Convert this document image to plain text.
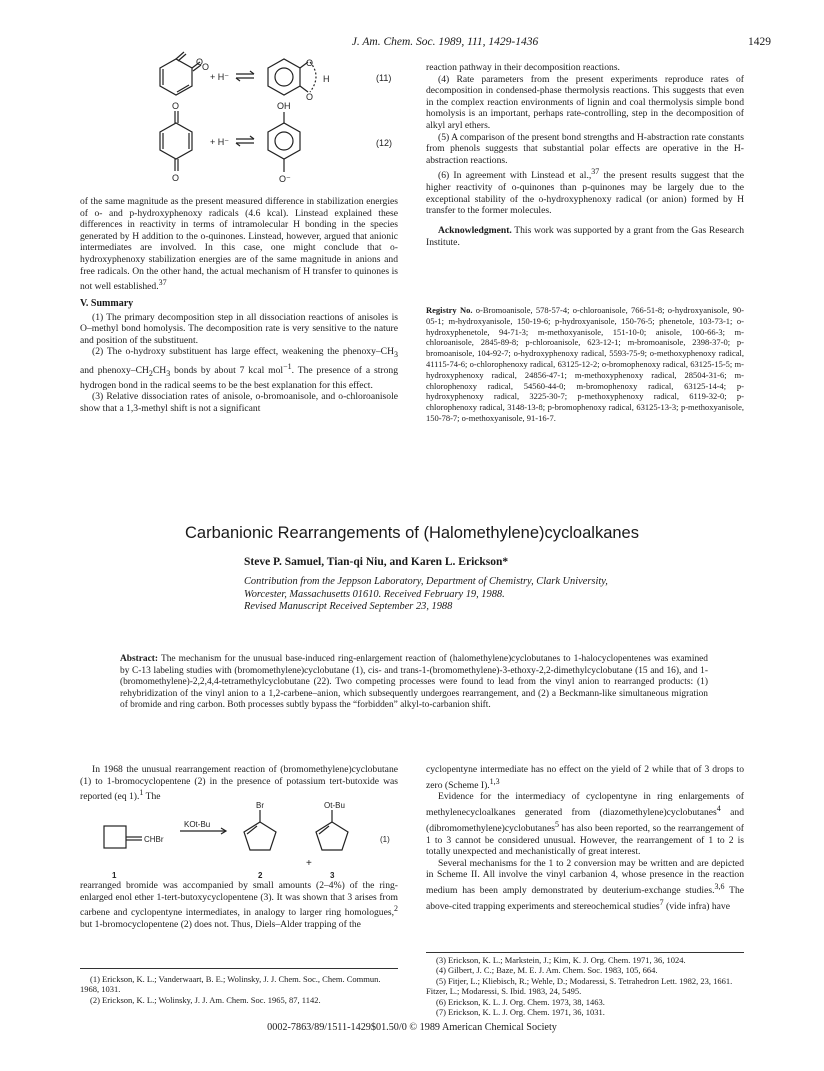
J. Am. Chem. Soc. 1989, 111, 1429-1436	1429
O
O
+ H⁻
O
O
H	(11)
O
O
+ H⁻
OH
O⁻
(12)

of the same magnitude as the present measured difference in stabilization energies of o- and p-hydroxyphenoxy radicals (4.6 kcal). Linstead explained these differences in reactivity in terms of intramolecular H bonding in the species generated by H addition to the o-quinones. Linstead, however, argued that anionic intermediates are involved. In this case, one might conclude that o-hydroxyphenoxy stabilization energies are of the same magnitude in anions and free radicals. On the other hand, the actual mechanism of H transfer to quinones is not well established.$^{37}$

V. Summary

(1) The primary decomposition step in all dissociation reactions of anisoles is O–methyl bond homolysis. The decomposition rate is very sensitive to the nature and position of the substituent.

(2) The o-hydroxy substituent has large effect, weakening the phenoxy–$CH_3$ and phenoxy–$CH_2CH_3$ bonds by about 7 kcal mol$^{-1}$. The presence of a strong hydrogen bond in the radical seems to be the best explanation for this effect.

(3) Relative dissociation rates of anisole, o-bromoanisole, and o-chloroanisole show that a 1,3-methyl shift is not a significant

reaction pathway in their decomposition reactions.

(4) Rate parameters from the present experiments reproduce rates of decomposition in condensed-phase thermolysis reactions. This suggests that even in the complex reaction environments of lignin and coal thermolysis simple bond homolysis is an important, perhaps rate-controlling, step in the decomposition of alkyl aryl ethers.

(5) A comparison of the present bond strengths and H-abstraction rate constants from phenols suggests that substantial polar effects are operative in the H-abstraction reactions.

(6) In agreement with Linstead et al.,$^{37}$ the present results suggest that the higher reactivity of o-quinones than p-quinones may be largely due to the exceptional stability of the o-hydroxyphenoxy radical (or anion) formed by H transfer to the former molecules.

Acknowledgment. This work was supported by a grant from the Gas Research Institute.

Registry No. o-Bromoanisole, 578-57-4; o-chloroanisole, 766-51-8; o-hydroxyanisole, 90-05-1; m-hydroxyanisole, 150-19-6; p-hydroxyanisole, 150-76-5; phenetole, 103-73-1; o-hydroxyphenetole, 94-71-3; m-methoxyanisole, 151-10-0; anisole, 100-66-3; m-chloroanisole, 2845-89-8; p-chloroanisole, 623-12-1; m-bromoanisole, 2398-37-0; p-bromoanisole, 104-92-7; o-hydroxyphenoxy radical, 5593-75-9; o-methoxyphenoxy radical, 41115-74-6; o-chlorophenoxy radical, 63125-12-2; o-bromophenoxy radical, 63125-15-5; m-hydroxyphenoxy radical, 24856-47-1; m-methoxyphenoxy radical, 28504-31-6; m-chlorophenoxy radical, 54560-44-0; m-bromophenoxy radical, 63125-14-4; p-hydroxyphenoxy radical, 3225-30-7; p-methoxyphenoxy radical, 6119-32-0; p-chlorophenoxy radical, 3148-13-8; p-bromophenoxy radical, 63125-13-3; p-methoxyanisole, 150-78-7; o-methoxyanisole, 91-16-7.
Carbanionic Rearrangements of (Halomethylene)cycloalkanes
Steve P. Samuel, Tian-qi Niu, and Karen L. Erickson*
Contribution from the Jeppson Laboratory, Department of Chemistry, Clark University,
Worcester, Massachusetts 01610. Received February 19, 1988.
Revised Manuscript Received September 23, 1988
Abstract: The mechanism for the unusual base-induced ring-enlargement reaction of (halomethylene)cyclobutanes to 1-halocyclopentenes was examined by C-13 labeling studies with (bromomethylene)cyclobutane (1), cis- and trans-1-(bromomethylene)-3-ethoxy-2,2-dimethylcyclobutane (15 and 16), and 1-(bromomethylene)-2,2,4,4-tetramethylcyclobutane (22). Two competing processes were found to lead from the vinyl anion to rearranged products: (1) rehybridization of the vinyl anion to a 1,2-carbene–anion, which subsequently undergoes rearrangement, and (2) a Beckmann-like simultaneous migration of bromide and ring carbon. Both processes subtly bypass the “forbidden” alkyl-to-carbanion shift.

In 1968 the unusual rearrangement reaction of (bromomethylene)cyclobutane (1) to 1-bromocyclopentene (2) in the presence of potassium tert-butoxide was reported (eq 1).$^1$ The

CHBr
KOt-Bu
Br
+
Ot-Bu
(1)
1	2	3

rearranged bromide was accompanied by small amounts (2–4%) of the ring-enlarged enol ether 1-tert-butoxycyclopentene (3). It was shown that 3 arises from carbene and cyclopentyne intermediates, in analogy to larger ring homologues,$^2$ but 1-bromocyclopentene (2) does not. Thus, Diels–Alder trapping of the

cyclopentyne intermediate has no effect on the yield of 2 while that of 3 drops to zero (Scheme I).$^{1,3}$

Evidence for the intermediacy of cyclopentyne in ring enlargements of methylenecycloalkanes generated from (diazomethylene)cyclobutanes$^4$ and (dibromomethylene)cyclobutanes$^5$ has also been reported, so the rearrangement of 1 to 3 cannot be considered unusual. However, the rearrangement of 1 to 2 is totally unexpected and mechanistically of great interest.

Several mechanisms for the 1 to 2 conversion may be written and are depicted in Scheme II. All involve the vinyl carbanion 4, whose presence in the reaction medium has been amply demonstrated by deuterium-exchange studies.$^{3,6}$ The above-cited trapping experiments and stereochemical studies$^7$ (vide infra) have

(1) Erickson, K. L.; Vanderwaart, B. E.; Wolinsky, J. J. Chem. Soc., Chem. Commun. 1968, 1031.
(2) Erickson, K. L.; Wolinsky, J. J. Am. Chem. Soc. 1965, 87, 1142.
(3) Erickson, K. L.; Markstein, J.; Kim, K. J. Org. Chem. 1971, 36, 1024.
(4) Gilbert, J. C.; Baze, M. E. J. Am. Chem. Soc. 1983, 105, 664.
(5) Fitjer, L.; Kliebisch, R.; Wehle, D.; Modaressi, S. Tetrahedron Lett. 1982, 23, 1661. Fitzer, L.; Modaressi, S. Ibid. 1983, 24, 5495.
(6) Erickson, K. L. J. Org. Chem. 1973, 38, 1463.
(7) Erickson, K. L. J. Org. Chem. 1971, 36, 1031.
0002-7863/89/1511-1429$01.50/0 © 1989 American Chemical Society
